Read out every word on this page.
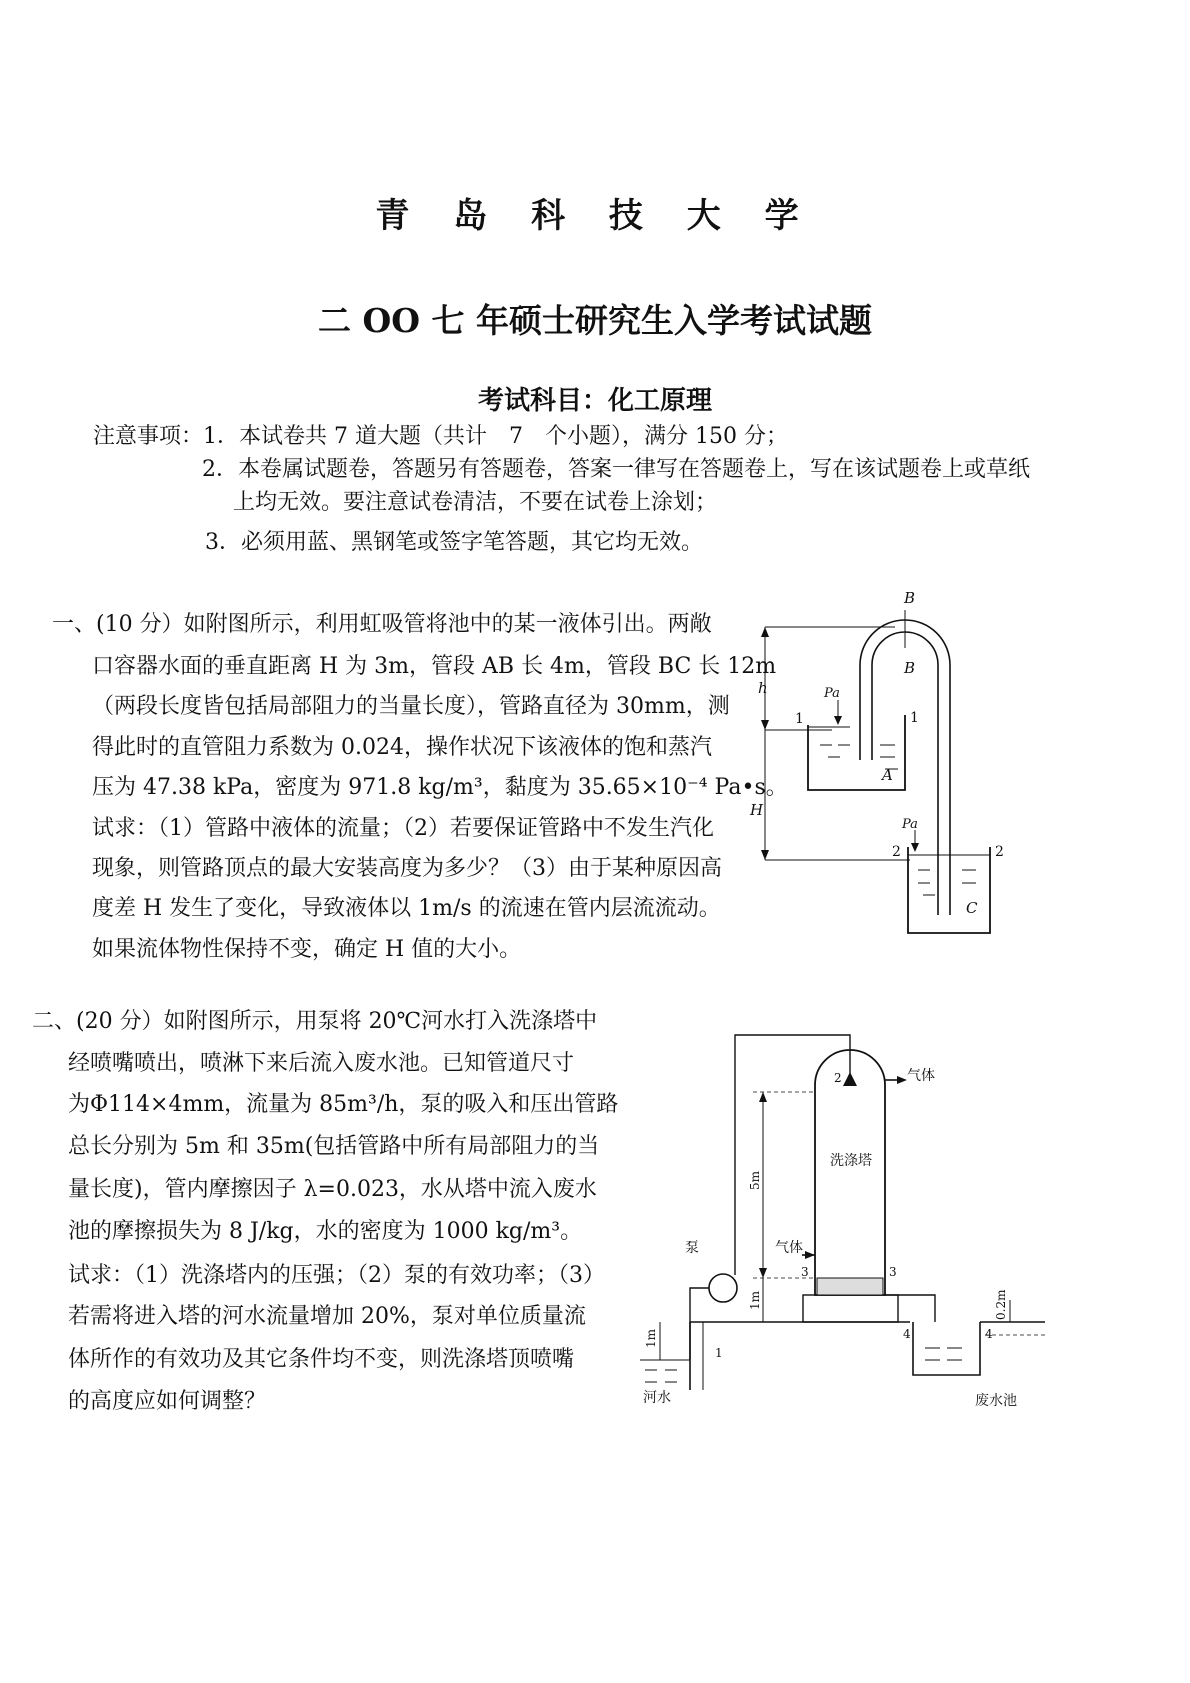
青 岛 科 技 大 学
二 OO 七 年硕士研究生入学考试试题
考试科目：化工原理
注意事项：1．本试卷共 7 道大题（共计　7　个小题），满分 150 分；
2．本卷属试题卷，答题另有答题卷，答案一律写在答题卷上，写在该试题卷上或草纸
上均无效。要注意试卷清洁，不要在试卷上涂划；
3．必须用蓝、黑钢笔或签字笔答题，其它均无效。
一、(10 分）如附图所示，利用虹吸管将池中的某一液体引出。两敞
口容器水面的垂直距离 H 为 3m，管段 AB 长 4m，管段 BC 长 12m
（两段长度皆包括局部阻力的当量长度），管路直径为 30mm，测
得此时的直管阻力系数为 0.024，操作状况下该液体的饱和蒸汽
压为 47.38 kPa，密度为 971.8 kg/m³，黏度为 35.65×10⁻⁴ Pa•s。
试求：（1）管路中液体的流量；（2）若要保证管路中不发生汽化
现象，则管路顶点的最大安装高度为多少？（3）由于某种原因高
度差 H 发生了变化，导致液体以 1m/s 的流速在管内层流流动。
如果流体物性保持不变，确定 H 值的大小。
B
B
h
H
Pa
Pa
A
C
1	1
2	2
二、(20 分）如附图所示，用泵将 20℃河水打入洗涤塔中
经喷嘴喷出，喷淋下来后流入废水池。已知管道尺寸
为Φ114×4mm，流量为 85m³/h，泵的吸入和压出管路
总长分别为 5m 和 35m(包括管路中所有局部阻力的当
量长度)，管内摩擦因子 λ=0.023，水从塔中流入废水
池的摩擦损失为 8 J/kg，水的密度为 1000 kg/m³。
试求：（1）洗涤塔内的压强；（2）泵的有效功率；（3）
若需将进入塔的河水流量增加 20%，泵对单位质量流
体所作的有效功及其它条件均不变，则洗涤塔顶喷嘴
的高度应如何调整？
气体
洗涤塔
泵	气体
河水	废水池
5m
1m
1m
0.2m
1
3	3
4	4
2
